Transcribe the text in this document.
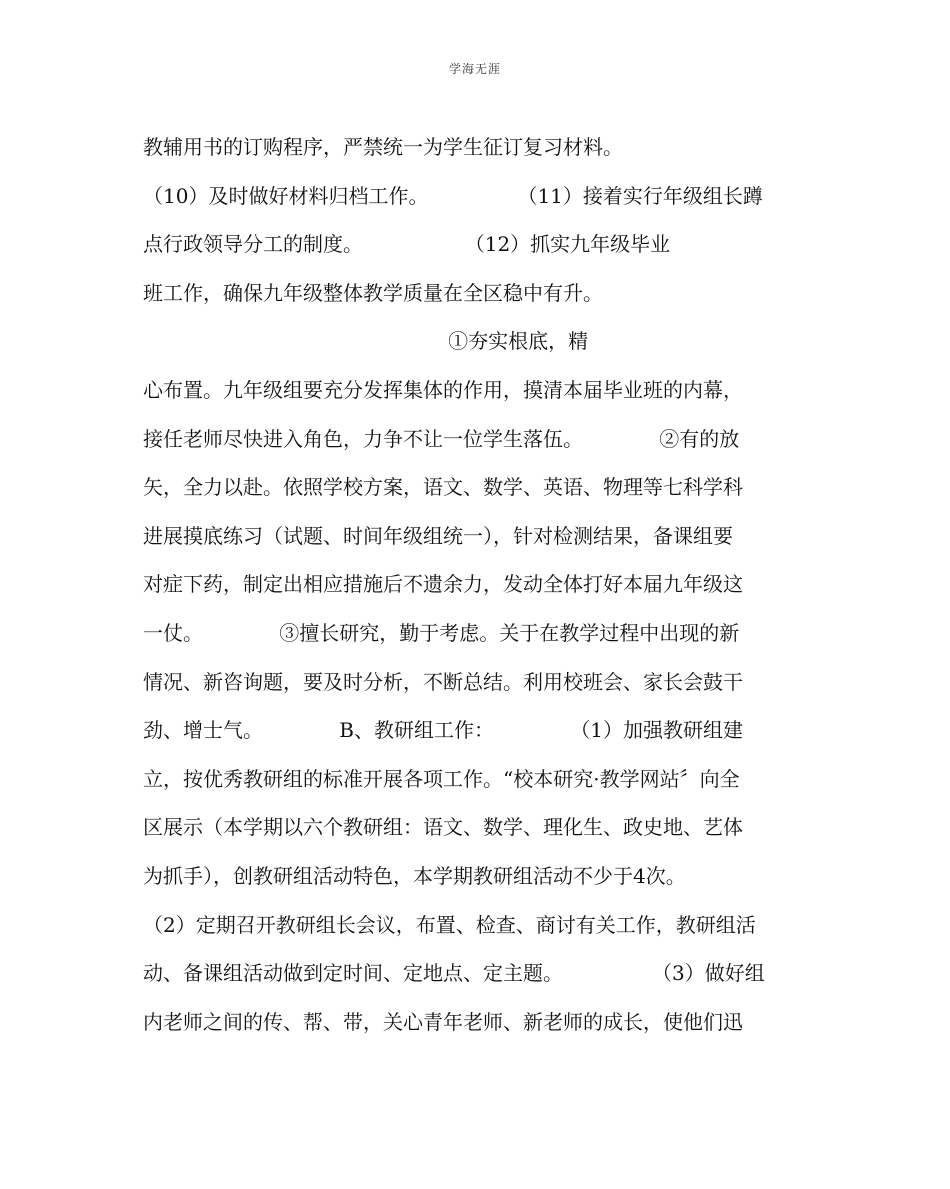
学海无涯
教辅用书的订购程序，严禁统一为学生征订复习材料。
（10）及时做好材料归档工作。              （11）接着实行年级组长蹲
点行政领导分工的制度。                （12）抓实九年级毕业
班工作，确保九年级整体教学质量在全区稳中有升。
①夯实根底，精
心布置。九年级组要充分发挥集体的作用，摸清本届毕业班的内幕，
接任老师尽快进入角色，力争不让一位学生落伍。            ②有的放
矢，全力以赴。依照学校方案，语文、数学、英语、物理等七科学科
进展摸底练习（试题、时间年级组统一），针对检测结果，备课组要
对症下药，制定出相应措施后不遗余力，发动全体打好本届九年级这
一仗。            ③擅长研究，勤于考虑。关于在教学过程中出现的新
情况、新咨询题，要及时分析，不断总结。利用校班会、家长会鼓干
劲、增士气。            B、教研组工作：            （1）加强教研组建
立，按优秀教研组的标准开展各项工作。“校本研究·教学网站〞向全
区展示（本学期以六个教研组：语文、数学、理化生、政史地、艺体
为抓手），创教研组活动特色，本学期教研组活动不少于4次。
（2）定期召开教研组长会议，布置、检查、商讨有关工作，教研组活
动、备课组活动做到定时间、定地点、定主题。              （3）做好组
内老师之间的传、帮、带，关心青年老师、新老师的成长，使他们迅
